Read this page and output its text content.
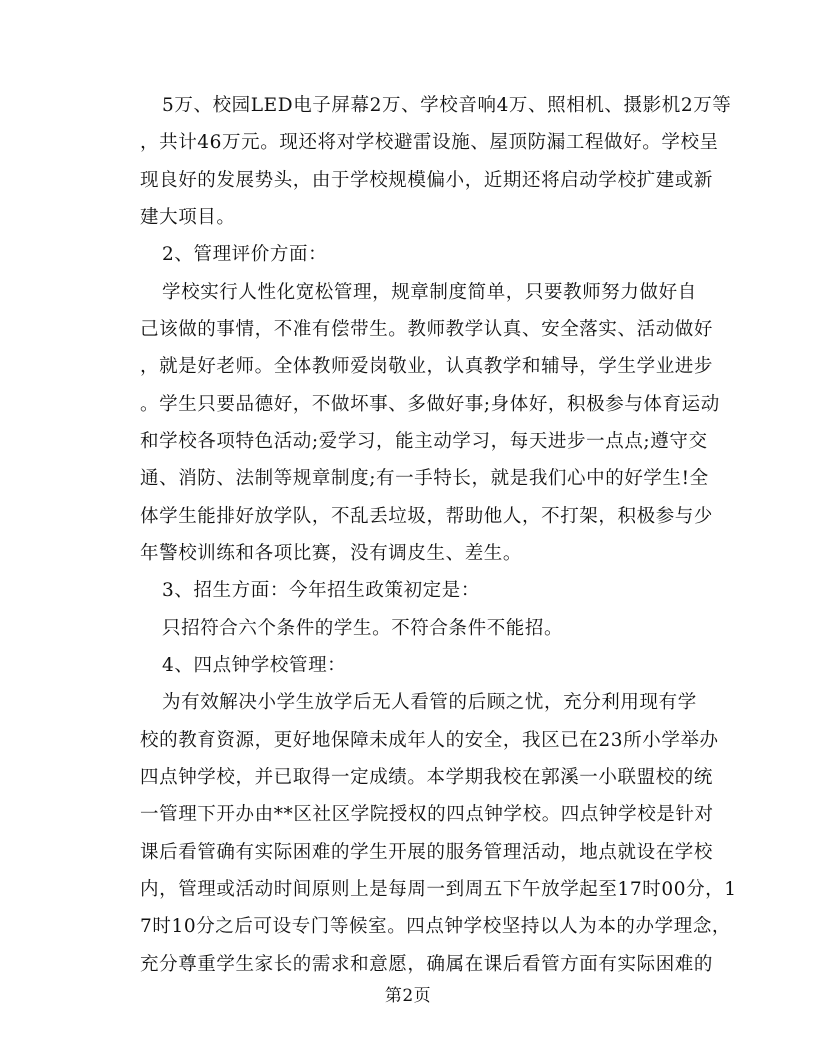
5万、校园LED电子屏幕2万、学校音响4万、照相机、摄影机2万等
，共计46万元。现还将对学校避雷设施、屋顶防漏工程做好。学校呈
现良好的发展势头，由于学校规模偏小，近期还将启动学校扩建或新
建大项目。
2、管理评价方面：
学校实行人性化宽松管理，规章制度简单，只要教师努力做好自
己该做的事情，不准有偿带生。教师教学认真、安全落实、活动做好
，就是好老师。全体教师爱岗敬业，认真教学和辅导，学生学业进步
。学生只要品德好，不做坏事、多做好事;身体好，积极参与体育运动
和学校各项特色活动;爱学习，能主动学习，每天进步一点点;遵守交
通、消防、法制等规章制度;有一手特长，就是我们心中的好学生!全
体学生能排好放学队，不乱丢垃圾，帮助他人，不打架，积极参与少
年警校训练和各项比赛，没有调皮生、差生。
3、招生方面：今年招生政策初定是：
只招符合六个条件的学生。不符合条件不能招。
4、四点钟学校管理：
为有效解决小学生放学后无人看管的后顾之忧，充分利用现有学
校的教育资源，更好地保障未成年人的安全，我区已在23所小学举办
四点钟学校，并已取得一定成绩。本学期我校在郭溪一小联盟校的统
一管理下开办由**区社区学院授权的四点钟学校。四点钟学校是针对
课后看管确有实际困难的学生开展的服务管理活动，地点就设在学校
内，管理或活动时间原则上是每周一到周五下午放学起至17时00分，1
7时10分之后可设专门等候室。四点钟学校坚持以人为本的办学理念，
充分尊重学生家长的需求和意愿，确属在课后看管方面有实际困难的
第2页
